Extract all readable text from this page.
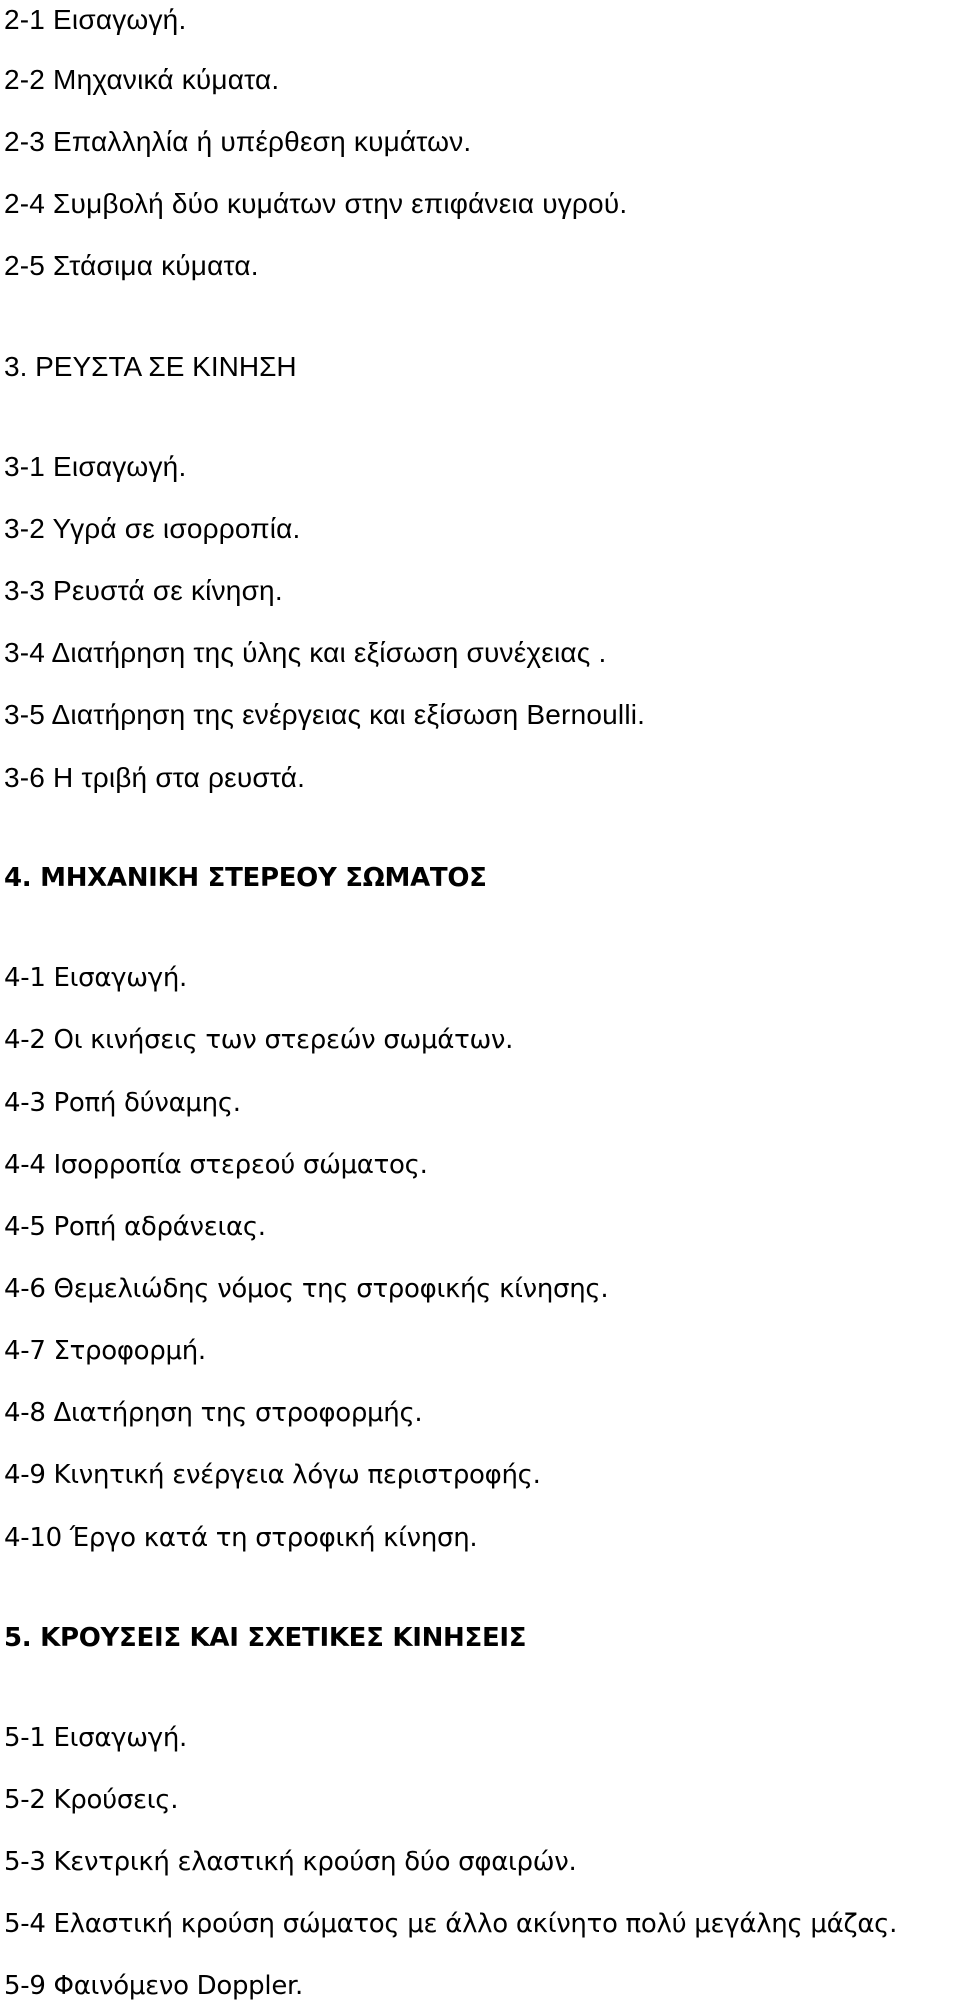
2-1 Εισαγωγή.
2-2 Μηχανικά κύματα.
2-3 Επαλληλία ή υπέρθεση κυμάτων.
2-4 Συμβολή δύο κυμάτων στην επιφάνεια υγρού.
2-5 Στάσιμα κύματα.
3. ΡΕΥΣΤΑ ΣΕ ΚΙΝΗΣΗ
3-1 Εισαγωγή.
3-2 Υγρά σε ισορροπία.
3-3 Ρευστά σε κίνηση.
3-4 Διατήρηση της ύλης και εξίσωση συνέχειας .
3-5 Διατήρηση της ενέργειας και εξίσωση Bernoulli.
3-6 Η τριβή στα ρευστά.
4. ΜΗΧΑΝΙΚΗ ΣΤΕΡΕΟΥ ΣΩΜΑΤΟΣ
4-1 Εισαγωγή.
4-2 Οι κινήσεις των στερεών σωμάτων.
4-3 Ροπή δύναμης.
4-4 Ισορροπία στερεού σώματος.
4-5 Ροπή αδράνειας.
4-6 Θεμελιώδης νόμος της στροφικής κίνησης.
4-7 Στροφορμή.
4-8 Διατήρηση της στροφορμής.
4-9 Κινητική ενέργεια λόγω περιστροφής.
4-10 Έργο κατά τη στροφική κίνηση.
5. ΚΡΟΥΣΕΙΣ ΚΑΙ ΣΧΕΤΙΚΕΣ ΚΙΝΗΣΕΙΣ
5-1 Εισαγωγή.
5-2 Κρούσεις.
5-3 Κεντρική ελαστική κρούση δύο σφαιρών.
5-4 Ελαστική κρούση σώματος με άλλο ακίνητο πολύ μεγάλης μάζας.
5-9 Φαινόμενο Doppler.
